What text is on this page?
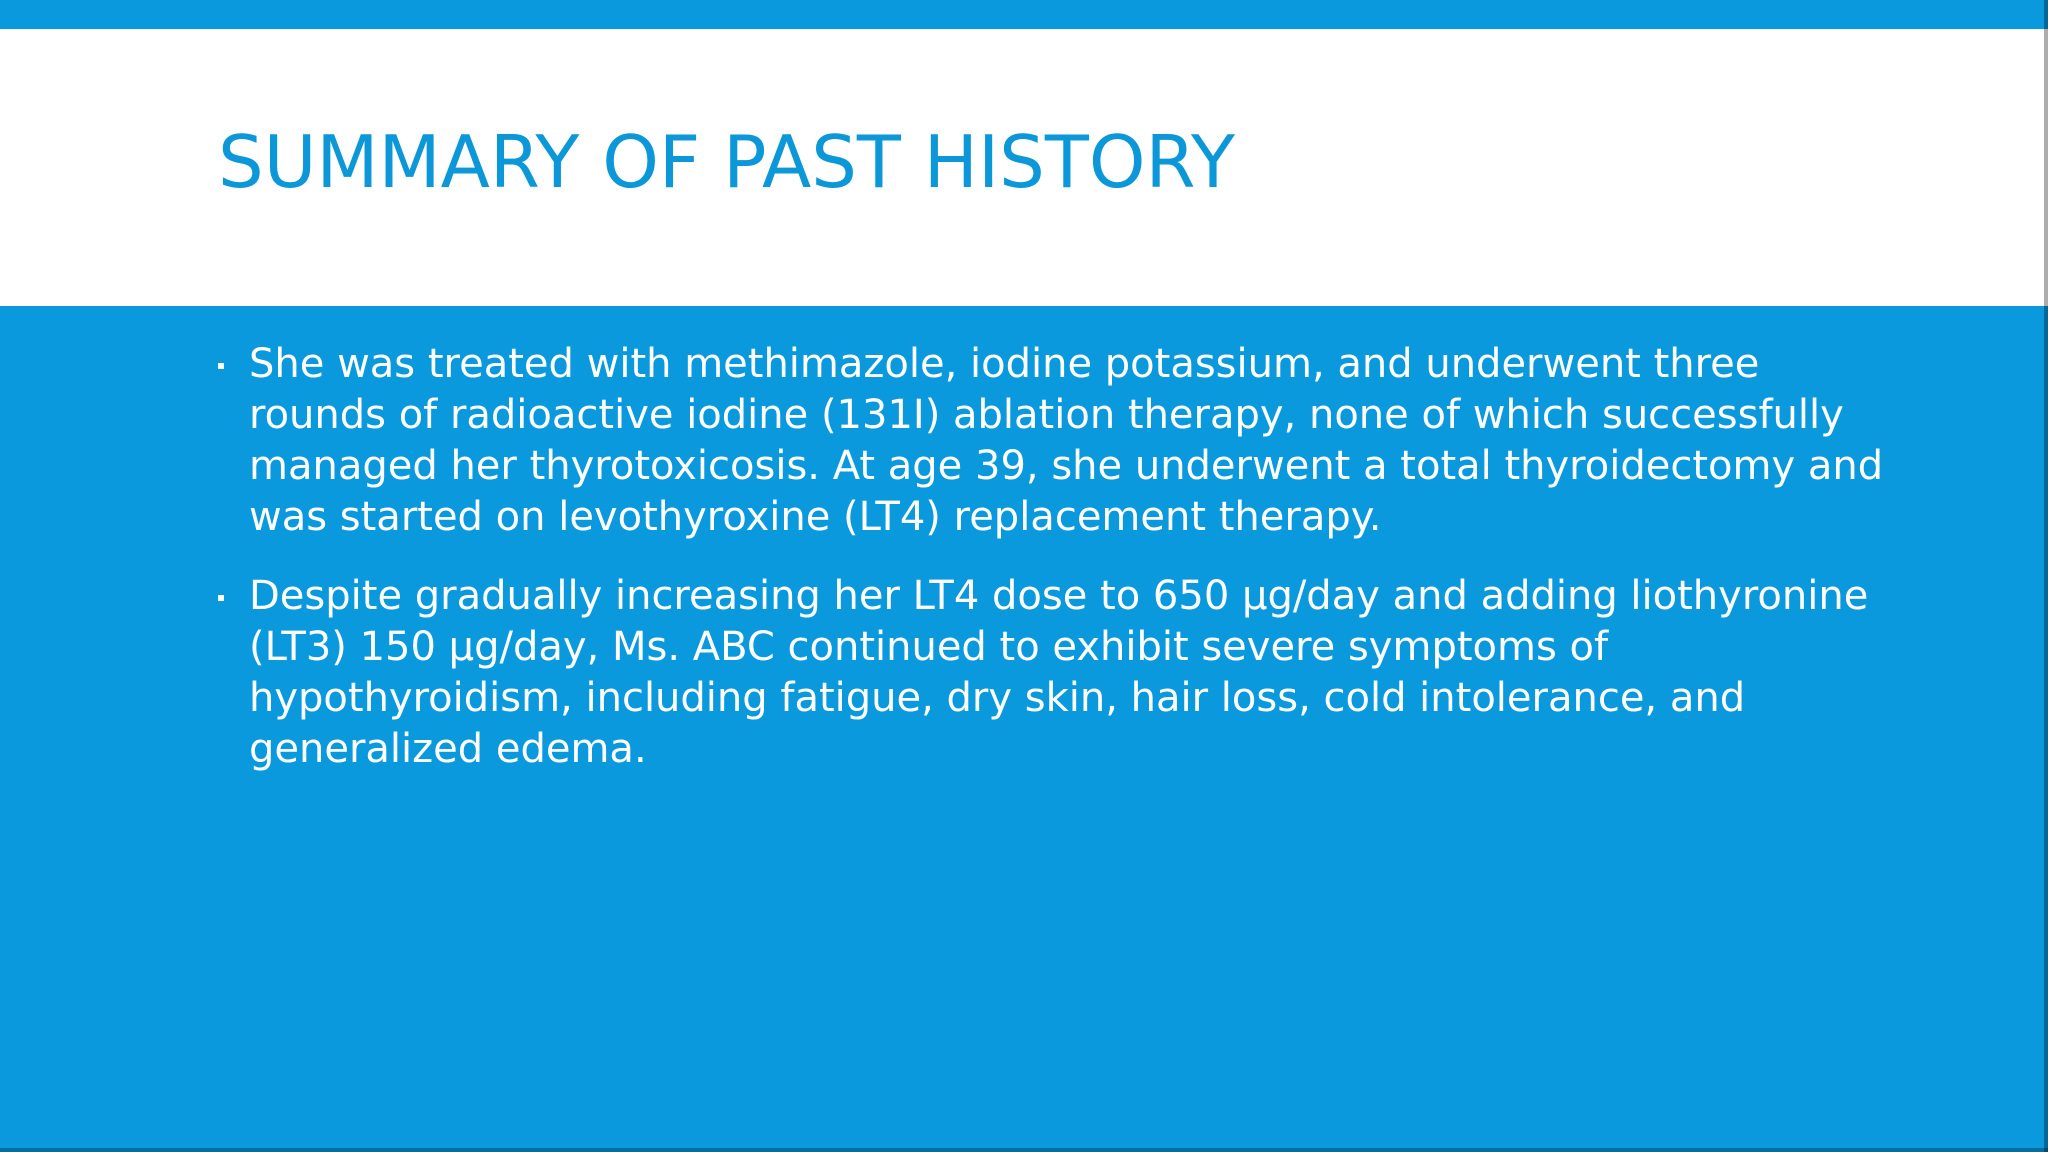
SUMMARY OF PAST HISTORY
She was treated with methimazole, iodine potassium, and underwent three
rounds of radioactive iodine (131I) ablation therapy, none of which successfully
managed her thyrotoxicosis. At age 39, she underwent a total thyroidectomy and
was started on levothyroxine (LT4) replacement therapy.
Despite gradually increasing her LT4 dose to 650 µg/day and adding liothyronine
(LT3) 150 µg/day, Ms. ABC continued to exhibit severe symptoms of
hypothyroidism, including fatigue, dry skin, hair loss, cold intolerance, and
generalized edema.
